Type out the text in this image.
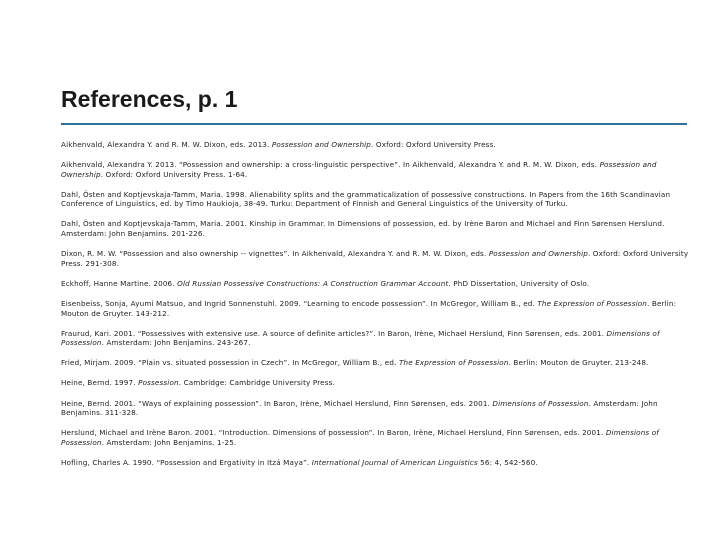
References, p. 1

Aikhenvald, Alexandra Y. and R. M. W. Dixon, eds. 2013. Possession and Ownership. Oxford: Oxford University Press.

Aikhenvald, Alexandra Y. 2013. “Possession and ownership: a cross-linguistic perspective”. In Aikhenvald, Alexandra Y. and R. M. W. Dixon, eds. Possession and Ownership. Oxford: Oxford University Press. 1-64.

Dahl, Östen and Koptjevskaja-Tamm, Maria. 1998. Alienability splits and the grammaticalization of possessive constructions. In Papers from the 16th Scandinavian Conference of Linguistics, ed. by Timo Haukioja, 38-49. Turku: Department of Finnish and General Linguistics of the University of Turku.

Dahl, Östen and Koptjevskaja-Tamm, Maria. 2001. Kinship in Grammar. In Dimensions of possession, ed. by Irène Baron and Michael and Finn Sørensen Herslund. Amsterdam: John Benjamins. 201-226.

Dixon, R. M. W. “Possession and also ownership -- vignettes”. In Aikhenvald, Alexandra Y. and R. M. W. Dixon, eds. Possession and Ownership. Oxford: Oxford University Press. 291-308.

Eckhoff, Hanne Martine. 2006. Old Russian Possessive Constructions: A Construction Grammar Account. PhD Dissertation, University of Oslo.

Eisenbeiss, Sonja, Ayumi Matsuo, and Ingrid Sonnenstuhl. 2009. “Learning to encode possession”. In McGregor, William B., ed. The Expression of Possession. Berlin: Mouton de Gruyter. 143-212.

Fraurud, Kari. 2001. “Possessives with extensive use. A source of definite articles?”. In Baron, Irène, Michael Herslund, Finn Sørensen, eds. 2001. Dimensions of Possession. Amsterdam: John Benjamins. 243-267.

Fried, Mirjam. 2009. “Plain vs. situated possession in Czech”. In McGregor, William B., ed. The Expression of Possession. Berlin: Mouton de Gruyter. 213-248.

Heine, Bernd. 1997. Possession. Cambridge: Cambridge University Press.

Heine, Bernd. 2001. “Ways of explaining possession”. In Baron, Irène, Michael Herslund, Finn Sørensen, eds. 2001. Dimensions of Possession. Amsterdam: John Benjamins. 311-328.

Herslund, Michael and Irène Baron. 2001. “Introduction. Dimensions of possession”. In Baron, Irène, Michael Herslund, Finn Sørensen, eds. 2001. Dimensions of Possession. Amsterdam: John Benjamins. 1-25.

Hofling, Charles A. 1990. “Possession and Ergativity in Itzá Maya”. International Journal of American Linguistics 56: 4, 542-560.
